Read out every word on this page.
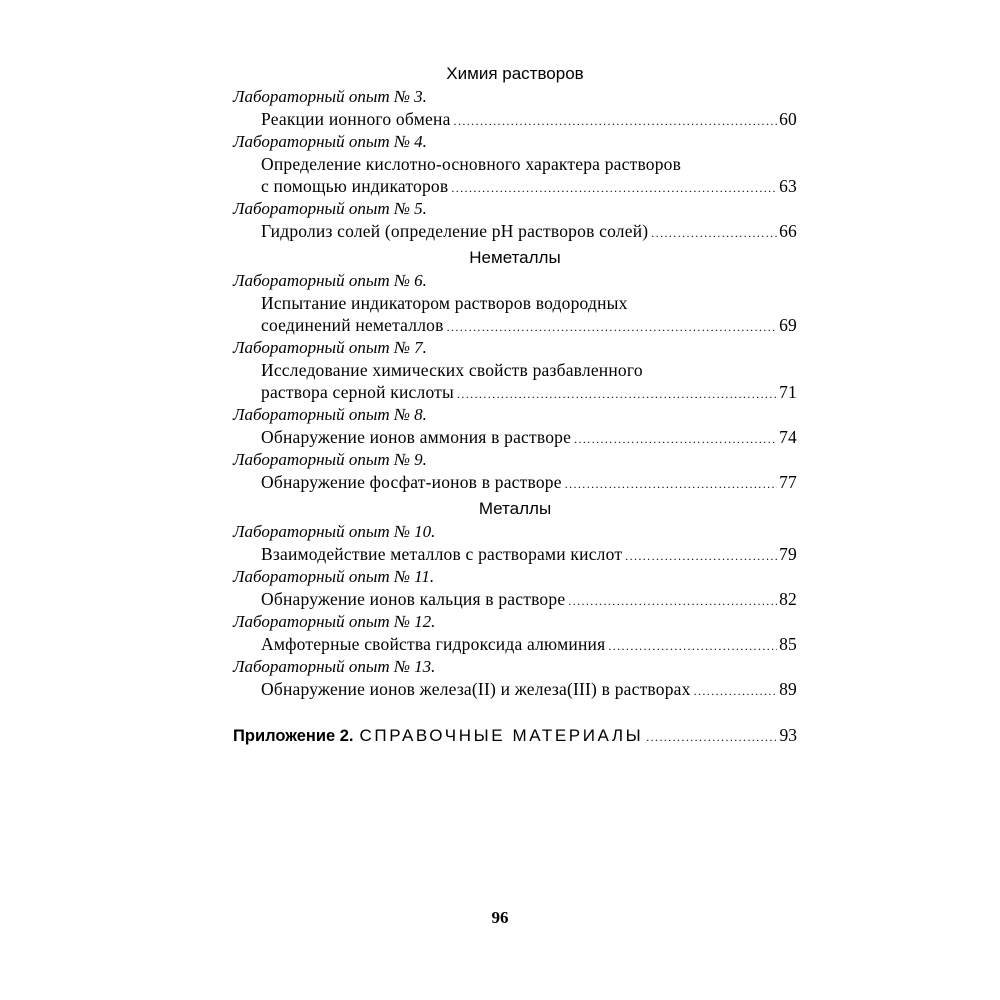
Химия растворов
Лабораторный опыт № 3.
Реакции ионного обмена .....	60
Лабораторный опыт № 4.
Определение кислотно-основного характера растворов
с помощью индикаторов .....	63
Лабораторный опыт № 5.
Гидролиз солей (определение pH растворов солей) .....	66
Неметаллы
Лабораторный опыт № 6.
Испытание индикатором растворов водородных
соединений неметаллов .....	69
Лабораторный опыт № 7.
Исследование химических свойств разбавленного
раствора серной кислоты .....	71
Лабораторный опыт № 8.
Обнаружение ионов аммония в растворе .....	74
Лабораторный опыт № 9.
Обнаружение фосфат-ионов в растворе .....	77
Металлы
Лабораторный опыт № 10.
Взаимодействие металлов с растворами кислот .....	79
Лабораторный опыт № 11.
Обнаружение ионов кальция в растворе .....	82
Лабораторный опыт № 12.
Амфотерные свойства гидроксида алюминия .....	85
Лабораторный опыт № 13.
Обнаружение ионов железа(II) и железа(III) в растворах .....	89
Приложение 2. СПРАВОЧНЫЕ МАТЕРИАЛЫ .....	93
96
